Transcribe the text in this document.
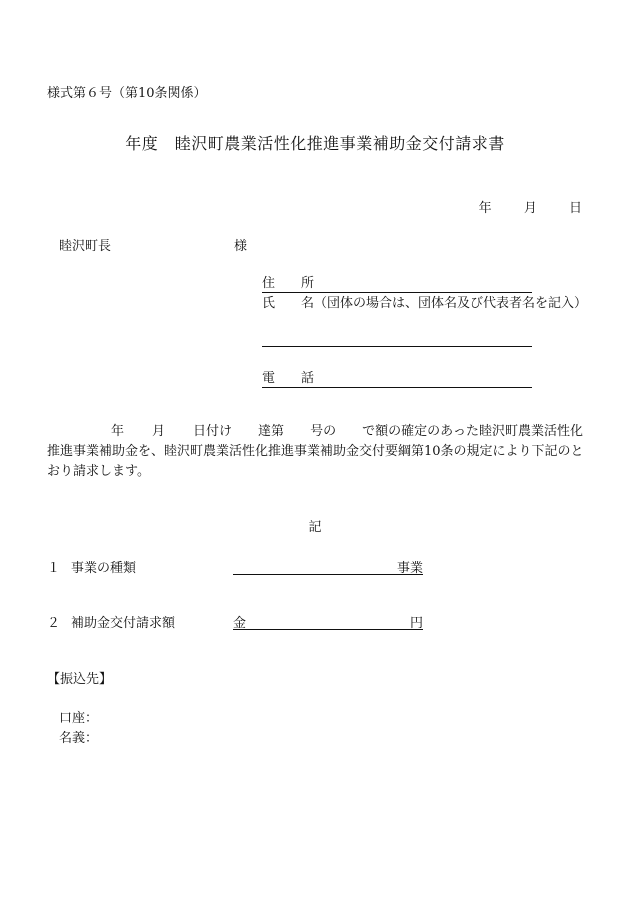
様式第６号（第10条関係）
年度　睦沢町農業活性化推進事業補助金交付請求書
年 月 日
睦沢町長	様
住　　所
氏　　名（団体の場合は、団体名及び代表者名を記入）
電　　話
年 月 日付け 達第 号の で額の確定のあった睦沢町農業活性化推進事業補助金を、睦沢町農業活性化推進事業補助金交付要綱第10条の規定により下記のとおり請求します。
記
１ 事業の種類	事業
２ 補助金交付請求額	金	円
【振込先】
口座：
名義：
